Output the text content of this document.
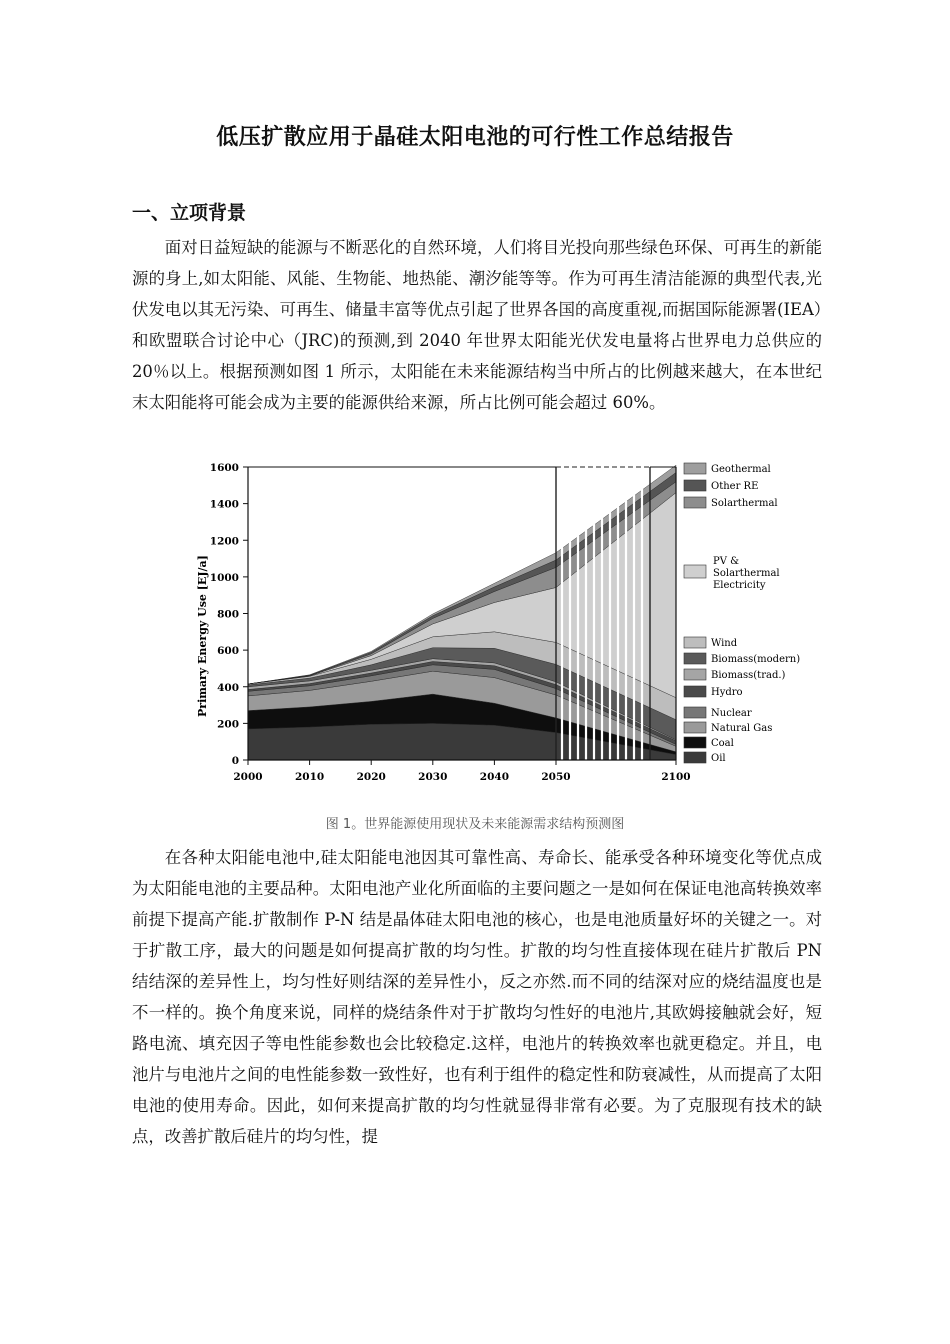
低压扩散应用于晶硅太阳电池的可行性工作总结报告
一、立项背景
面对日益短缺的能源与不断恶化的自然环境，人们将目光投向那些绿色环保、可再生的新能源的身上,如太阳能、风能、生物能、地热能、潮汐能等等。作为可再生清洁能源的典型代表,光伏发电以其无污染、可再生、储量丰富等优点引起了世界各国的高度重视,而据国际能源署(IEA）和欧盟联合讨论中心（JRC)的预测,到 2040 年世界太阳能光伏发电量将占世界电力总供应的 20％以上。根据预测如图 1 所示，太阳能在未来能源结构当中所占的比例越来越大，在本世纪末太阳能将可能会成为主要的能源供给来源，所占比例可能会超过 60%。
0
200
400
600
800
1000
1200
1400
1600
2000	2010	2020	2030	2040	2050	2100
Primary Energy Use [EJ/a]
Geothermal
Other RE
Solarthermal
PV &
Solarthermal
Electricity
Wind
Biomass(modern)
Biomass(trad.)
Hydro
Nuclear
Natural Gas
Coal
Oil
图 1。世界能源使用现状及未来能源需求结构预测图
在各种太阳能电池中,硅太阳能电池因其可靠性高、寿命长、能承受各种环境变化等优点成为太阳能电池的主要品种。太阳电池产业化所面临的主要问题之一是如何在保证电池高转换效率前提下提高产能.扩散制作 P-N 结是晶体硅太阳电池的核心，也是电池质量好坏的关键之一。对于扩散工序，最大的问题是如何提高扩散的均匀性。扩散的均匀性直接体现在硅片扩散后 PN 结结深的差异性上，均匀性好则结深的差异性小，反之亦然.而不同的结深对应的烧结温度也是不一样的。换个角度来说，同样的烧结条件对于扩散均匀性好的电池片,其欧姆接触就会好，短路电流、填充因子等电性能参数也会比较稳定.这样，电池片的转换效率也就更稳定。并且，电池片与电池片之间的电性能参数一致性好，也有利于组件的稳定性和防衰减性，从而提高了太阳电池的使用寿命。因此，如何来提高扩散的均匀性就显得非常有必要。为了克服现有技术的缺点，改善扩散后硅片的均匀性，提
